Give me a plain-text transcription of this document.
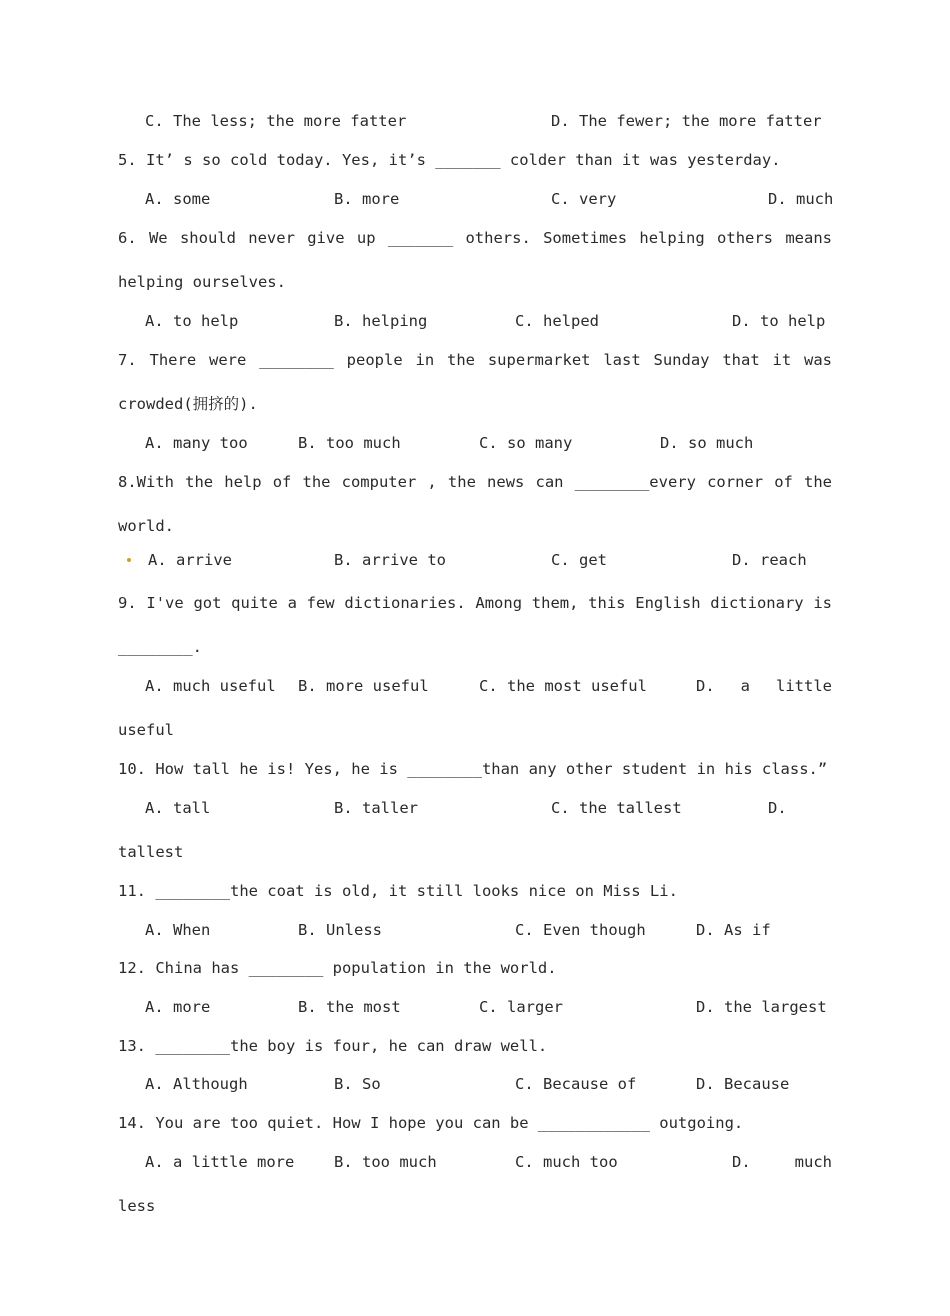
C. The less; the more fatter	D. The fewer; the more fatter
5. It’ s so cold today. Yes, it’s _______ colder than it was yesterday.
A. some	B. more	C. very	D. much
6. We should never give up _______ others. Sometimes helping others means
helping ourselves.
A. to help	B. helping	C. helped	D. to help
7. There were ________ people in the supermarket last Sunday that it was
crowded(拥挤的).
A. many too	B. too much	C. so many	D. so much
8.With the help of the computer , the news can ________every corner of the
world.
A. arrive	B. arrive to	C. get	D. reach
9. I've got quite a few dictionaries. Among them, this English dictionary is
________.
A. much useful B. more useful	C. the most useful	D. a little
useful
10. How tall he is! Yes, he is ________than any other student in his class.”
A. tall	B. taller	C. the tallest	D.
tallest
11. ________the coat is old, it still looks nice on Miss Li.
A. When	B. Unless	C. Even though	D. As if
12. China has ________ population in the world.
A. more	B. the most	C. larger	D. the largest
13. ________the boy is four, he can draw well.
A. Although	B. So	C. Because of	D. Because
14. You are too quiet. How I hope you can be ____________ outgoing.
A. a little more	B. too much	C. much too	D. much
less
